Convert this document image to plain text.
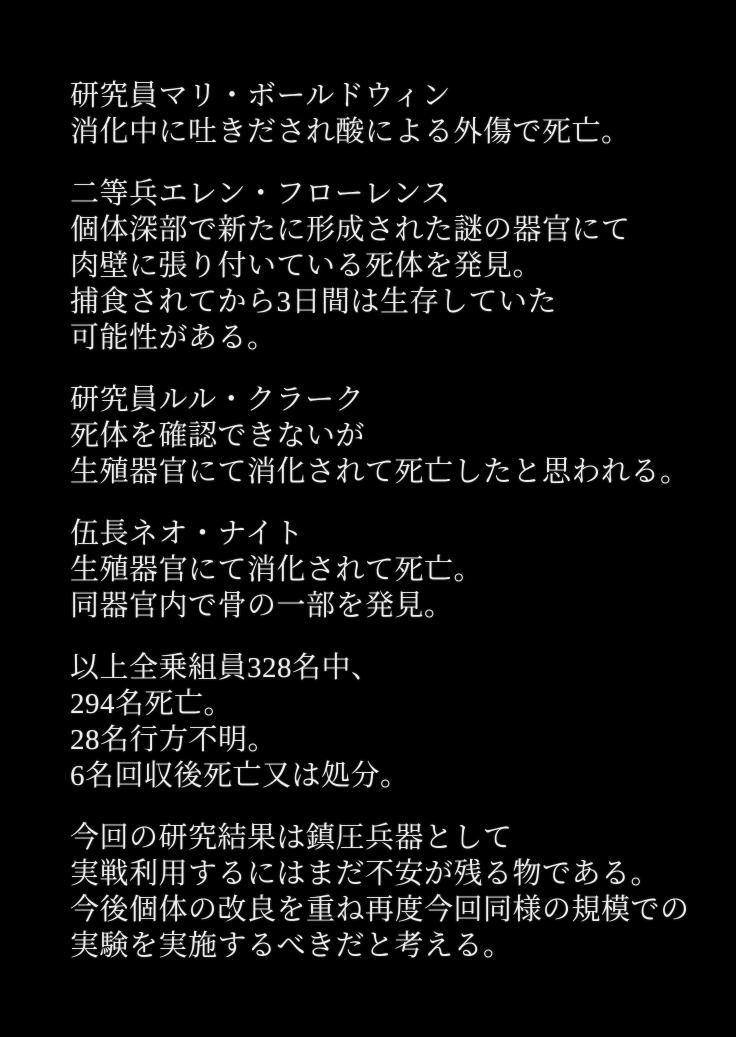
研究員マリ・ボールドウィン
消化中に吐きだされ酸による外傷で死亡。
二等兵エレン・フローレンス
個体深部で新たに形成された謎の器官にて
肉壁に張り付いている死体を発見。
捕食されてから3日間は生存していた
可能性がある。
研究員ルル・クラーク
死体を確認できないが
生殖器官にて消化されて死亡したと思われる。
伍長ネオ・ナイト
生殖器官にて消化されて死亡。
同器官内で骨の一部を発見。
以上全乗組員328名中、
294名死亡。
28名行方不明。
6名回収後死亡又は処分。
今回の研究結果は鎮圧兵器として
実戦利用するにはまだ不安が残る物である。
今後個体の改良を重ね再度今回同様の規模での
実験を実施するべきだと考える。
